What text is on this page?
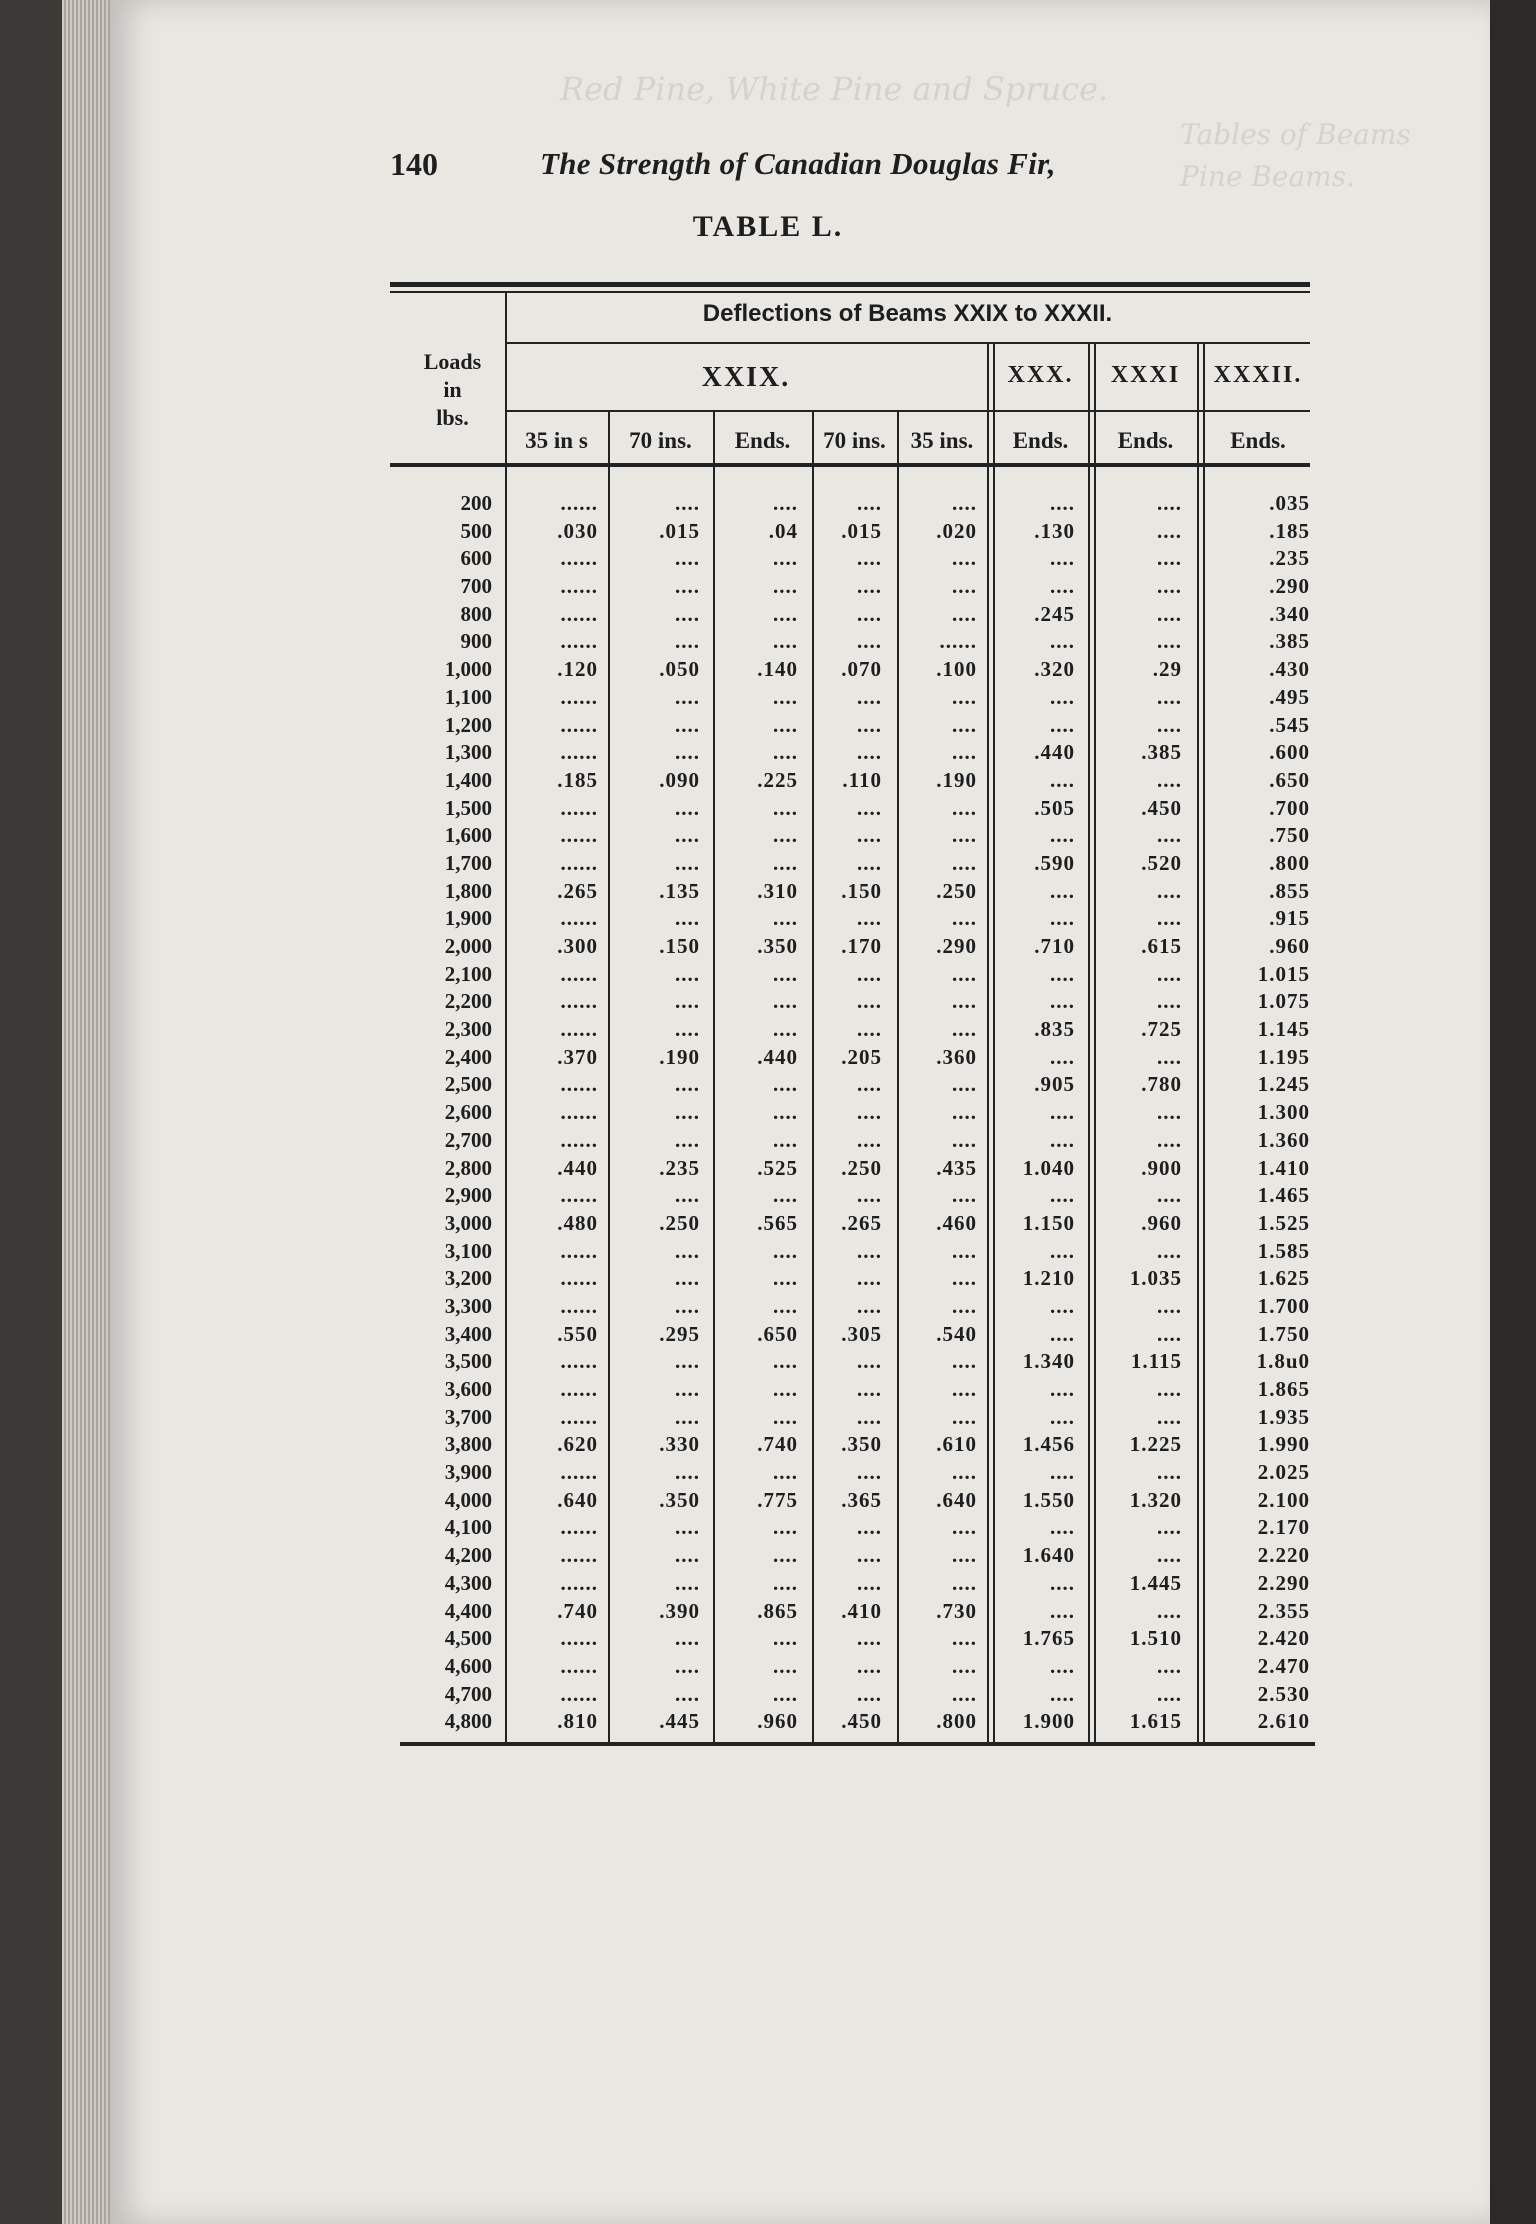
140	The Strength of Canadian Douglas Fir,
TABLE L.
Deflections of Beams XXIX to XXXII.
Loads
in
lbs.
XXIX.	XXX.	XXXI	XXXII.
35 in s	70 ins.	Ends.	70 ins.	35 ins.	Ends.	Ends.	Ends.
200	......	....	....	....	....	....	....	.035
500	.030	.015	.04	.015	.020	.130	....	.185
600	......	....	....	....	....	....	....	.235
700	......	....	....	....	....	....	....	.290
800	......	....	....	....	....	.245	....	.340
900	......	....	....	....	......	....	....	.385
1,000	.120	.050	.140	.070	.100	.320	.29	.430
1,100	......	....	....	....	....	....	....	.495
1,200	......	....	....	....	....	....	....	.545
1,300	......	....	....	....	....	.440	.385	.600
1,400	.185	.090	.225	.110	.190	....	....	.650
1,500	......	....	....	....	....	.505	.450	.700
1,600	......	....	....	....	....	....	....	.750
1,700	......	....	....	....	....	.590	.520	.800
1,800	.265	.135	.310	.150	.250	....	....	.855
1,900	......	....	....	....	....	....	....	.915
2,000	.300	.150	.350	.170	.290	.710	.615	.960
2,100	......	....	....	....	....	....	....	1.015
2,200	......	....	....	....	....	....	....	1.075
2,300	......	....	....	....	....	.835	.725	1.145
2,400	.370	.190	.440	.205	.360	....	....	1.195
2,500	......	....	....	....	....	.905	.780	1.245
2,600	......	....	....	....	....	....	....	1.300
2,700	......	....	....	....	....	....	....	1.360
2,800	.440	.235	.525	.250	.435	1.040	.900	1.410
2,900	......	....	....	....	....	....	....	1.465
3,000	.480	.250	.565	.265	.460	1.150	.960	1.525
3,100	......	....	....	....	....	....	....	1.585
3,200	......	....	....	....	....	1.210	1.035	1.625
3,300	......	....	....	....	....	....	....	1.700
3,400	.550	.295	.650	.305	.540	....	....	1.750
3,500	......	....	....	....	....	1.340	1.115	1.8u0
3,600	......	....	....	....	....	....	....	1.865
3,700	......	....	....	....	....	....	....	1.935
3,800	.620	.330	.740	.350	.610	1.456	1.225	1.990
3,900	......	....	....	....	....	....	....	2.025
4,000	.640	.350	.775	.365	.640	1.550	1.320	2.100
4,100	......	....	....	....	....	....	....	2.170
4,200	......	....	....	....	....	1.640	....	2.220
4,300	......	....	....	....	....	....	1.445	2.290
4,400	.740	.390	.865	.410	.730	....	....	2.355
4,500	......	....	....	....	....	1.765	1.510	2.420
4,600	......	....	....	....	....	....	....	2.470
4,700	......	....	....	....	....	....	....	2.530
4,800	.810	.445	.960	.450	.800	1.900	1.615	2.610
